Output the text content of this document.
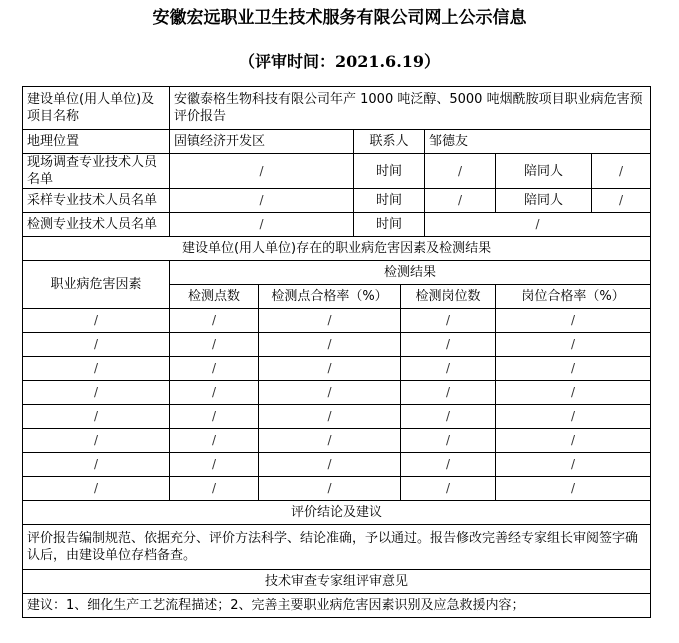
安徽宏远职业卫生技术服务有限公司网上公示信息
（评审时间：2021.6.19）
建设单位(用人单位)及项目名称	安徽泰格生物科技有限公司年产 1000 吨泛醇、5000 吨烟酰胺项目职业病危害预评价报告						
地理位置	固镇经济开发区		联系人		邹德友		
现场调查专业技术人员名单	/		时间		/	陪同人	/
采样专业技术人员名单	/		时间		/	陪同人	/
检测专业技术人员名单	/		时间		/		
建设单位(用人单位)存在的职业病危害因素及检测结果							
职业病危害因素	检测结果						
	检测点数	检测点合格率（%）		检测岗位数		岗位合格率（%）	
/	/	/		/		/	
/	/	/		/		/	
/	/	/		/		/	
/	/	/		/		/	
/	/	/		/		/	
/	/	/		/		/	
/	/	/		/		/	
/	/	/		/		/	
评价结论及建议							
评价报告编制规范、依据充分、评价方法科学、结论准确，予以通过。报告修改完善经专家组长审阅签字确认后，由建设单位存档备查。							
技术审查专家组评审意见							
建议：1、细化生产工艺流程描述；2、完善主要职业病危害因素识别及应急救援内容；							
